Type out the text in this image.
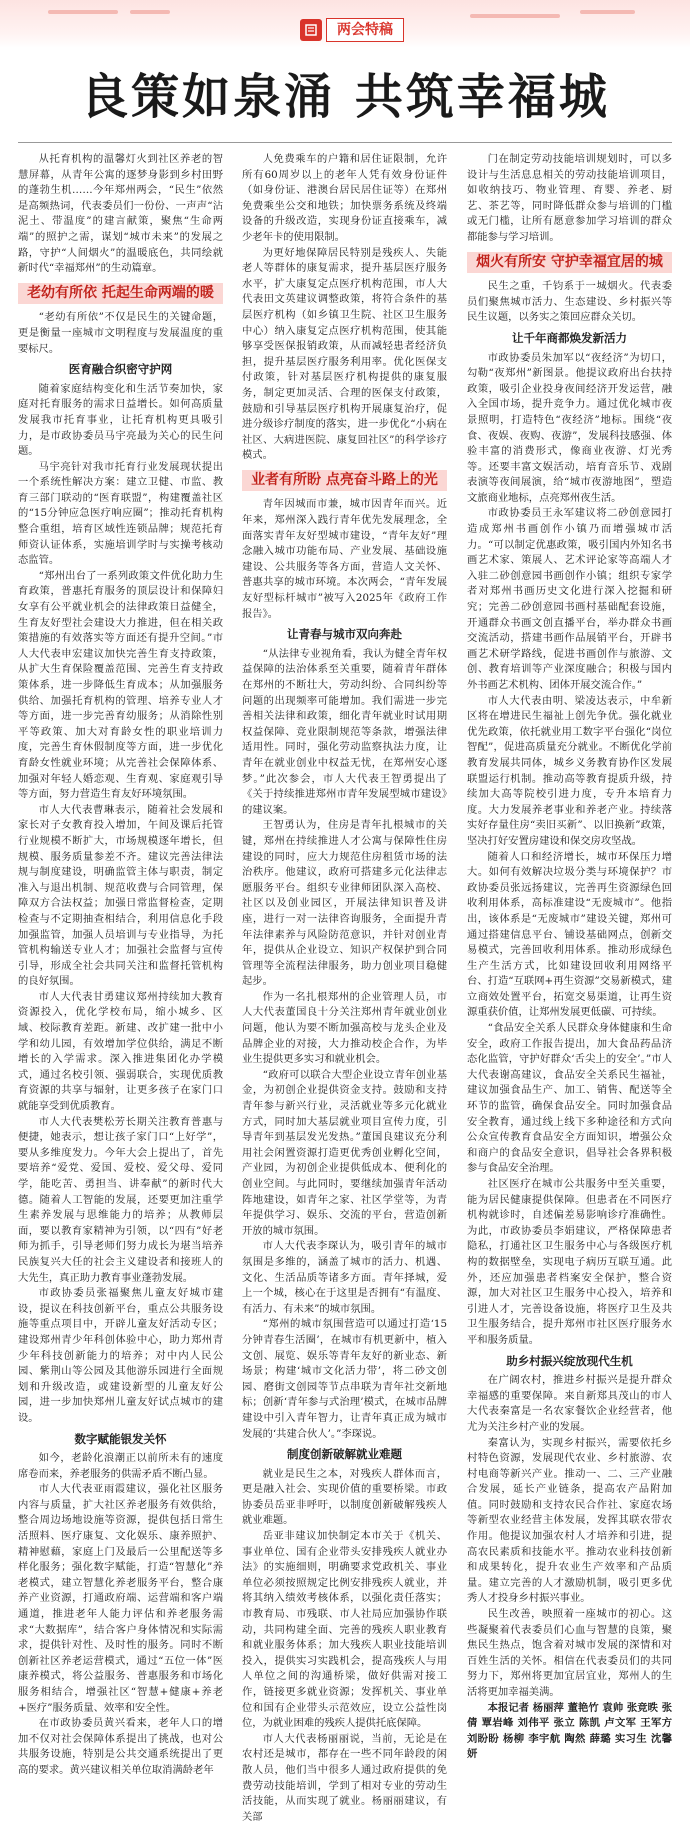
两会特稿
良策如泉涌 共筑幸福城

从托育机构的温馨灯火到社区养老的智慧屏幕，从青年公寓的逐梦身影到乡村田野的蓬勃生机……今年郑州两会，“民生”依然是高频热词，代表委员们一份份、一声声“沾泥土、带温度”的建言献策，聚焦“生命两端”的照护之需，谋划“城市未来”的发展之路，守护“人间烟火”的温暖底色，共同绘就新时代“幸福郑州”的生动篇章。

老幼有所依 托起生命两端的暖

“老幼有所依”不仅是民生的关键命题，更是衡量一座城市文明程度与发展温度的重要标尺。

医育融合织密守护网

随着家庭结构变化和生活节奏加快，家庭对托育服务的需求日益增长。如何高质量发展我市托育事业，让托育机构更具吸引力，是市政协委员马宇亮最为关心的民生问题。

马宇亮针对我市托育行业发展现状提出一个系统性解决方案：建立卫健、市监、教育三部门联动的“医育联盟”，构建覆盖社区的“15分钟应急医疗响应圈”；推动托育机构整合重组，培育区域性连锁品牌；规范托育师资认证体系，实施培训学时与实操考核动态监管。

“郑州出台了一系列政策文件优化助力生育政策，普惠托育服务的顶层设计和保障妇女享有公平就业机会的法律政策日益健全，生育友好型社会建设大力推进，但在相关政策措施的有效落实等方面还有提升空间。”市人大代表申宏建议加快完善生育支持政策，从扩大生育保险覆盖范围、完善生育支持政策体系，进一步降低生育成本；从加强服务供给、加强托育机构的管理、培养专业人才等方面，进一步完善育幼服务；从消除性别平等政策、加大对育龄女性的职业培训力度，完善生育休假制度等方面，进一步优化育龄女性就业环境；从完善社会保障体系、加强对年轻人婚恋观、生育观、家庭观引导等方面，努力营造生育友好环境氛围。

市人大代表曹琳表示，随着社会发展和家长对子女教育投入增加，午间及课后托管行业规模不断扩大，市场规模逐年增长，但规模、服务质量参差不齐。建议完善法律法规与制度建设，明确监管主体与职责，制定准入与退出机制、规范收费与合同管理，保障双方合法权益；加强日常监督检查，定期检查与不定期抽查相结合，利用信息化手段加强监管，加强人员培训与专业指导，为托管机构输送专业人才；加强社会监督与宣传引导，形成全社会共同关注和监督托管机构的良好氛围。

市人大代表甘勇建议郑州持续加大教育资源投入，优化学校布局，缩小城乡、区域、校际教育差距。新建、改扩建一批中小学和幼儿园，有效增加学位供给，满足不断增长的入学需求。深入推进集团化办学模式，通过名校引领、强弱联合，实现优质教育资源的共享与辐射，让更多孩子在家门口就能享受到优质教育。

市人大代表樊松芳长期关注教育普惠与便捷，她表示，想让孩子家门口“上好学”，要从多维度发力。今年大会上提出了，首先要培养“爱党、爱国、爱校、爱父母、爱同学，能吃苦、勇担当、讲奉献”的新时代大德。随着人工智能的发展，还要更加注重学生素养发展与思维能力的培养；从教师层面，要以教育家精神为引领，以“四有”好老师为抓手，引导老师们努力成长为堪当培养民族复兴大任的社会主义建设者和接班人的大先生，真正助力教育事业蓬勃发展。

市政协委员张福聚焦儿童友好城市建设，提议在科技创新平台，重点公共服务设施等重点项目中，开辟儿童友好活动专区；建设郑州青少年科创体验中心，助力郑州青少年科技创新能力的培养；对中内人民公园、紫荆山等公园及其他游乐园进行全面规划和升级改造，或建设新型的儿童友好公园，进一步加快郑州儿童友好试点城市的建设。

数字赋能银发关怀

如今，老龄化浪潮正以前所未有的速度席卷而来，养老服务的供需矛盾不断凸显。

市人大代表亚雨霞建议，强化社区服务内容与质量，扩大社区养老服务有效供给，整合周边场地设施等资源，提供包括日常生活照料、医疗康复、文化娱乐、康养照护、精神慰藉，家庭上门及最后一公里配送等多样化服务；强化数字赋能，打造“智慧化”养老模式，建立智慧化养老服务平台，整合康养产业资源，打通政府端、运营端和客户端通道，推进老年人能力评估和养老服务需求“大数据库”，结合客户身体情况和实际需求，提供针对性、及时性的服务。同时不断创新社区养老运营模式，通过“五位一体”医康养模式，将公益服务、普惠服务和市场化服务相结合，增强社区“智慧+健康+养老+医疗”服务质量、效率和安全性。

在市政协委员黄兴看来，老年人口的增加不仅对社会保障体系提出了挑战，也对公共服务设施，特别是公共交通系统提出了更高的要求。黄兴建议相关单位取消满龄老年

人免费乘车的户籍和居住证限制，允许所有60周岁以上的老年人凭有效身份证件（如身份证、港澳台居民居住证等）在郑州免费乘坐公交和地铁；加快票务系统及终端设备的升级改造，实现身份证直接乘车，减少老年卡的使用限制。

为更好地保障居民特别是残疾人、失能老人等群体的康复需求，提升基层医疗服务水平，扩大康复定点医疗机构范围，市人大代表田文英建议调整政策，将符合条件的基层医疗机构（如乡镇卫生院、社区卫生服务中心）纳入康复定点医疗机构范围，使其能够享受医保报销政策，从而减轻患者经济负担，提升基层医疗服务利用率。优化医保支付政策，针对基层医疗机构提供的康复服务，制定更加灵活、合理的医保支付政策，鼓励和引导基层医疗机构开展康复治疗，促进分级诊疗制度的落实，进一步优化“小病在社区、大病进医院、康复回社区”的科学诊疗模式。

业者有所盼 点亮奋斗路上的光

青年因城而市兼，城市因青年而兴。近年来，郑州深入践行青年优先发展理念，全面落实青年友好型城市建设，“青年友好”理念融入城市功能布局、产业发展、基础设施建设、公共服务等各方面，营造人文关怀、普惠共享的城市环境。本次两会，“青年发展友好型标杆城市”被写入2025年《政府工作报告》。

让青春与城市双向奔赴

“从法律专业视角看，我认为健全青年权益保障的法治体系至关重要，随着青年群体在郑州的不断壮大，劳动纠纷、合同纠纷等问题的出现频率可能增加。我们需进一步完善相关法律和政策，细化青年就业时试用期权益保障、竞业限制规范等条款，增强法律适用性。同时，强化劳动监察执法力度，让青年在就业创业中权益无忧，在郑州安心逐梦。”此次参会，市人大代表王智勇提出了《关于持续推进郑州市青年发展型城市建设》的建议案。

王智勇认为，住房是青年扎根城市的关键，郑州在持续推进人才公寓与保障性住房建设的同时，应大力规范住房租赁市场的法治秩序。他建议，政府可搭建多元化法律志愿服务平台。组织专业律师团队深入高校、社区以及创业园区，开展法律知识普及讲座，进行一对一法律咨询服务，全面提升青年法律素养与风险防范意识，并针对创业青年，提供从企业设立、知识产权保护到合同管理等全流程法律服务，助力创业项目稳健起步。

作为一名扎根郑州的企业管理人员，市人大代表董国良十分关注郑州青年就业创业问题，他认为要不断加强高校与龙头企业及品牌企业的对接，大力推动校企合作，为毕业生提供更多实习和就业机会。

“政府可以联合大型企业设立青年创业基金，为初创企业提供资金支持。鼓励和支持青年参与新兴行业，灵活就业等多元化就业方式，同时加大基层就业项目宣传力度，引导青年到基层发光发热。”董国良建议充分利用社会闲置资源打造更优秀创业孵化空间，产业园，为初创企业提供低成本、便利化的创业空间。与此同时，要继续加强青年活动阵地建设，如青年之家、社区学堂等，为青年提供学习、娱乐、交流的平台，营造创新开放的城市氛围。

市人大代表李琛认为，吸引青年的城市氛围是多维的，涵盖了城市的活力、机遇、文化、生活品质等诸多方面。青年择城，爱上一个城，核心在于这里是否拥有“有温度、有活力、有未来”的城市氛围。

“郑州的城市氛围营造可以通过打造‘15分钟青春生活圈’，在城市有机更新中，植入文创、展览、娱乐等青年友好的新业态、新场景；构建‘城市文化活力带’，将二砂文创园、磨街文创园等节点串联为青年社交新地标；创新‘青年参与式治理’模式，在城市品牌建设中引入青年智力，让青年真正成为城市发展的‘共建合伙人’。”李琛说。

制度创新破解就业难题

就业是民生之本，对残疾人群体而言，更是融入社会、实现价值的重要桥梁。市政协委员岳亚非呼吁，以制度创新破解残疾人就业难题。

岳亚非建议加快制定本市关于《机关、事业单位、国有企业带头安排残疾人就业办法》的实施细则，明确要求党政机关、事业单位必须按照规定比例安排残疾人就业，并将其纳入绩效考核体系，以强化责任落实；市教育局、市残联、市人社局应加强协作联动，共同构建全面、完善的残疾人职业教育和就业服务体系；加大残疾人职业技能培训投入，提供实习实践机会，提高残疾人与用人单位之间的沟通桥梁，做好供需对接工作，链接更多就业资源；发挥机关、事业单位和国有企业带头示范效应，设立公益性岗位，为就业困难的残疾人提供托底保障。

市人大代表杨丽丽说，当前，无论是在农村还是城市，都存在一些不同年龄段的闲散人员，他们当中很多人通过政府提供的免费劳动技能培训，学到了相对专业的劳动生活技能，从而实现了就业。杨丽丽建议，有关部

门在制定劳动技能培训规划时，可以多设计与生活息息相关的劳动技能培训项目，如收纳技巧、物业管理、育婴、养老、厨艺、茶艺等，同时降低群众参与培训的门槛或无门槛，让所有愿意参加学习培训的群众都能参与学习培训。

烟火有所安 守护幸福宜居的城

民生之重，千钧系于一城烟火。代表委员们聚焦城市活力、生态建设、乡村振兴等民生议题，以务实之策回应群众关切。

让千年商都焕发新活力

市政协委员朱加军以“夜经济”为切口，勾勒“夜郑州”新图景。他提议政府出台扶持政策，吸引企业投身夜间经济开发运营，融入全国市场，提升竞争力。通过优化城市夜景照明，打造特色“夜经济”地标。围绕“夜食、夜娱、夜购、夜游”，发展科技感强、体验丰富的消费形式，像商业夜游、灯光秀等。还要丰富文娱活动，培育音乐节、戏剧表演等夜间展演，给“城市夜游地图”，塑造文旅商业地标，点亮郑州夜生活。

市政协委员王永军建议将二砂创意园打造成郑州书画创作小镇乃而增强城市活力。“可以制定优惠政策，吸引国内外知名书画艺术家、策展人、艺术评论家等高端人才入驻二砂创意园书画创作小镇；组织专家学者对郑州书画历史文化进行深入挖掘和研究；完善二砂创意园书画村基础配套设施，开通群众书画文创直播平台，举办群众书画交流活动，搭建书画作品展销平台，开辟书画艺术研学路线，促进书画创作与旅游、文创、教育培训等产业深度融合；积极与国内外书画艺术机构、团体开展交流合作。”

市人大代表由明、梁凌达表示，中牟新区将在增进民生福祉上创先争优。强化就业优先政策，依托就业用工数字平台强化“岗位智配”，促进高质量充分就业。不断优化学前教育发展共同体，城乡义务教育协作区发展联盟运行机制。推动高等教育提质升级，持续加大高等院校引进力度，专升本培育力度。大力发展养老事业和养老产业。持续落实好存量住房“卖旧买新”、以旧换新”政策，坚决打好安置房建设和保交房攻坚战。

随着人口和经济增长，城市环保压力增大。如何有效解决垃圾分类与环境保护？市政协委员张远扬建议，完善再生资源绿色回收利用体系，高标准建设“无废城市”。他指出，该体系是“无废城市”建设关键，郑州可通过搭建信息平台、铺设基础网点，创新交易模式，完善回收利用体系。推动形成绿色生产生活方式，比如建设回收利用网络平台、打造“互联网+再生资源”交易新模式，建立商效处置平台，拓宽交易渠道，让再生资源重获价值，让郑州发展更低碳、可持续。

“食品安全关系人民群众身体健康和生命安全，政府工作报告提出，加大食品药品济态化监管，守护好群众‘舌尖上的安全’。”市人大代表谢高建议，食品安全关系民生福祉，建议加强食品生产、加工、销售、配送等全环节的监管，确保食品安全。同时加强食品安全教育，通过线上线下多种途径和方式向公众宣传教育食品安全方面知识，增强公众和商户的食品安全意识，倡导社会各界积极参与食品安全治理。

社区医疗在城市公共服务中至关重要，能为居民健康提供保障。但患者在不同医疗机构就诊时，自述偏差易影响诊疗准确性。为此，市政协委员李娟建议，严格保障患者隐私，打通社区卫生服务中心与各级医疗机构的数据壁垒，实现电子病历互联互通。此外，还应加强患者档案安全保护，整合资源，加大对社区卫生服务中心投入，培养和引进人才，完善设备设施，将医疗卫生及共卫生服务结合，提升郑州市社区医疗服务水平和服务质量。

助乡村振兴绽放现代生机

在广阔农村，推进乡村振兴是提升群众幸福感的重要保障。来自新郑具茂山的市人大代表秦富是一名农家餐饮企业经营者，他尤为关注乡村产业的发展。

秦富认为，实现乡村振兴，需要依托乡村特色资源，发展现代农业、乡村旅游、农村电商等新兴产业。推动一、二、三产业融合发展，延长产业链条，提高农产品附加值。同时鼓励和支持农民合作社、家庭农场等新型农业经营主体发展，发挥其联农带农作用。他提议加强农村人才培养和引进，提高农民素质和技能水平。推动农业科技创新和成果转化，提升农业生产效率和产品质量。建立完善的人才激励机制，吸引更多优秀人才投身乡村振兴事业。

民生改善，映照着一座城市的初心。这些凝聚着代表委员们心血与智慧的良策，聚焦民生热点，饱含着对城市发展的深情和对百姓生活的关怀。相信在代表委员们的共同努力下，郑州将更加宜居宜业，郑州人的生活将更加幸福美满。

本报记者 杨丽萍 董艳竹 袁帅 张竞昳 张倩 覃岩峰 刘伟平 张立 陈凯 卢文军 王军方 刘盼盼 杨柳 李宇航 陶然 薛璐 实习生 沈馨妍
